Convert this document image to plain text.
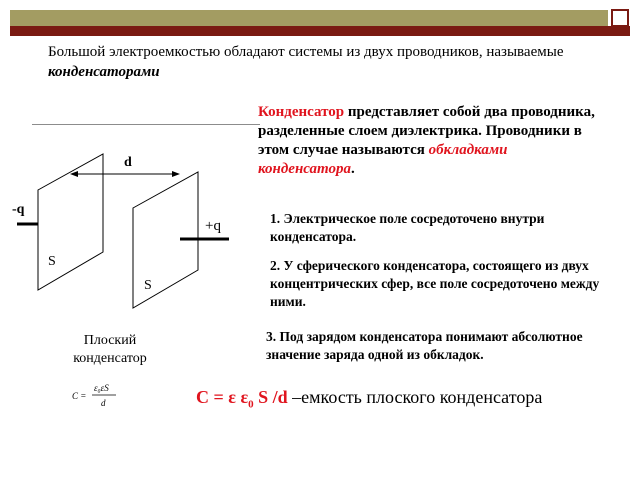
Большой электроемкостью обладают системы из двух проводников, называемые конденсаторами
Конденсатор представляет собой два проводника, разделенные слоем диэлектрика. Проводники в этом случае называются обкладками конденсатора.
1. Электрическое поле сосредоточено внутри конденсатора.
2. У сферического конденсатора, состоящего из двух концентрических сфер, все поле сосредоточено между ними.
3. Под зарядом конденсатора понимают абсолютное значение заряда одной из обкладок.
d
-q
+q
S
S
Плоский конденсатор
C =
ε₀εS
d	C = ε $\varepsilon_0$ S /d –емкость плоского конденсатора
